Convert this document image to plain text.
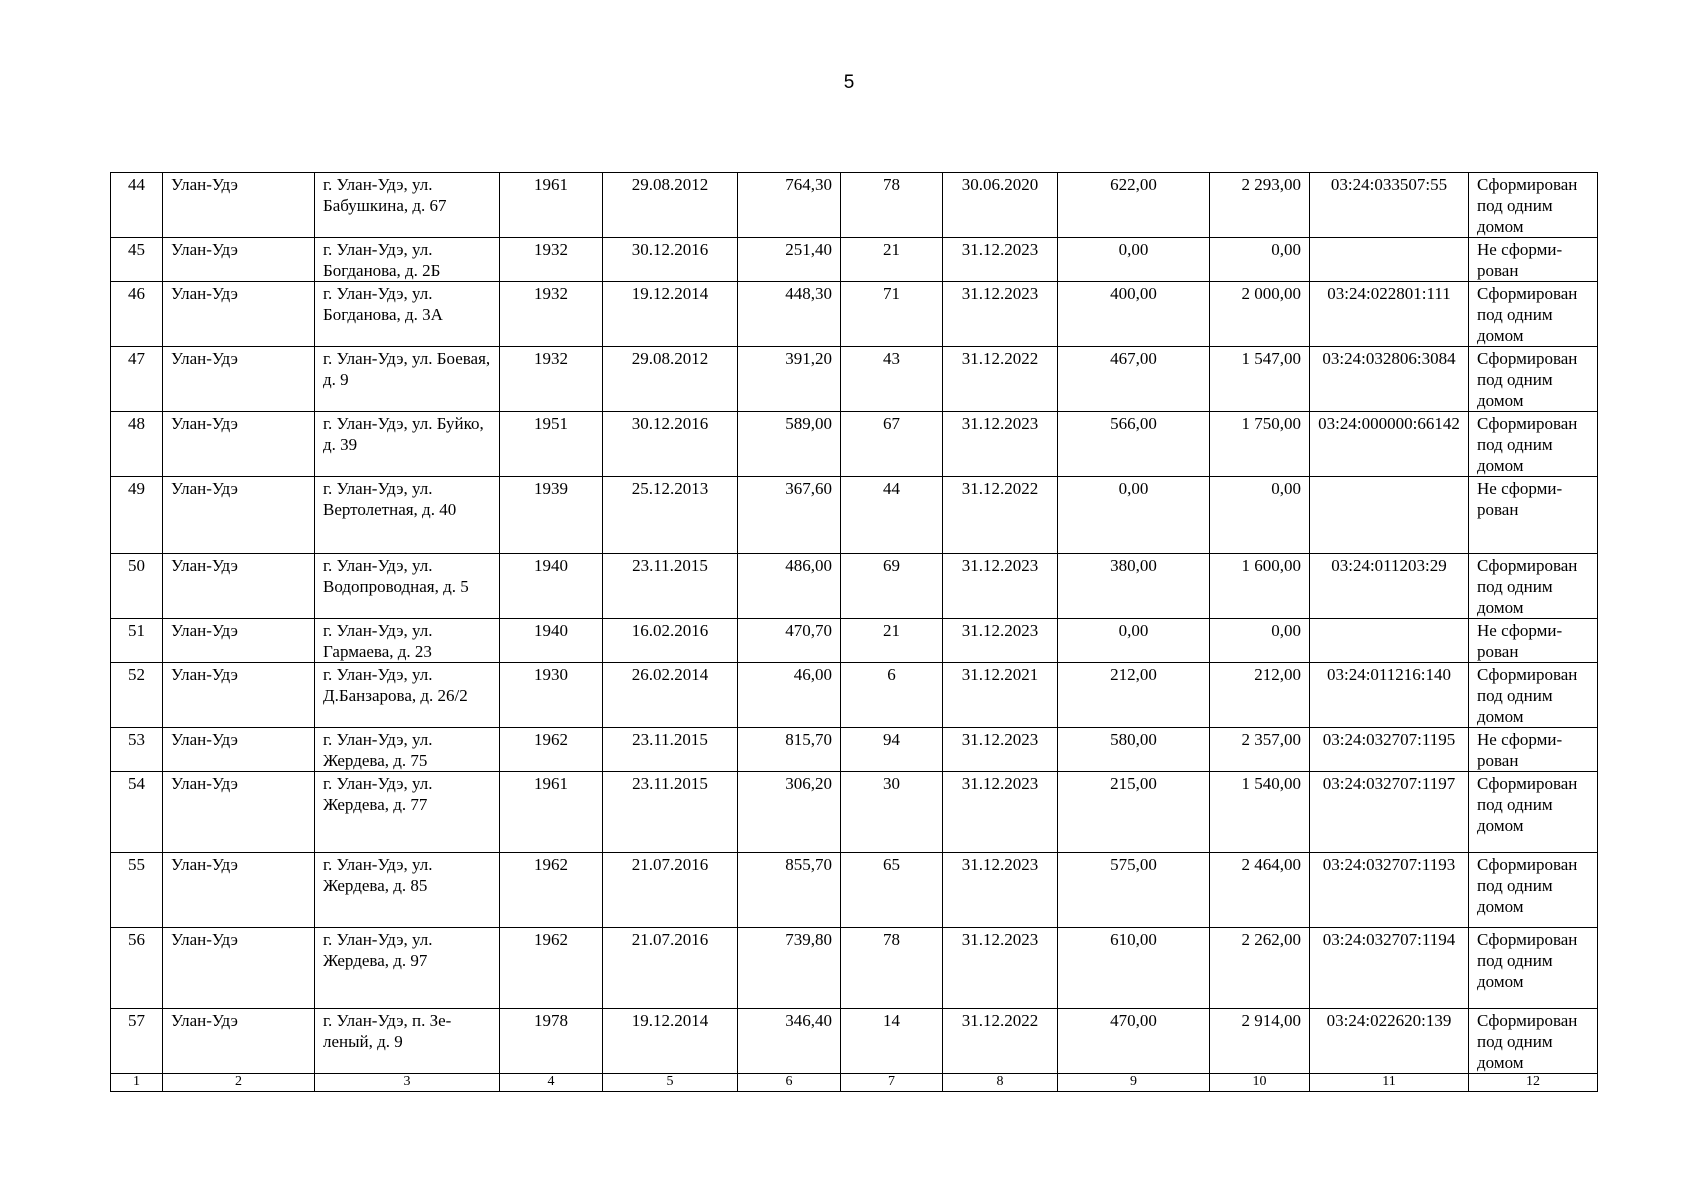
5
44	Улан-Удэ	г. Улан-Удэ, ул. Бабушкина, д. 67	1961	29.08.2012	764,30	78	30.06.2020	622,00	2 293,00	03:24:033507:55	Сформирован под одним домом
45	Улан-Удэ	г. Улан-Удэ, ул. Богданова, д. 2Б	1932	30.12.2016	251,40	21	31.12.2023	0,00	0,00		Не сформи-рован
46	Улан-Удэ	г. Улан-Удэ, ул. Богданова, д. 3А	1932	19.12.2014	448,30	71	31.12.2023	400,00	2 000,00	03:24:022801:111	Сформирован под одним домом
47	Улан-Удэ	г. Улан-Удэ, ул. Боевая, д. 9	1932	29.08.2012	391,20	43	31.12.2022	467,00	1 547,00	03:24:032806:3084	Сформирован под одним домом
48	Улан-Удэ	г. Улан-Удэ, ул. Буйко, д. 39	1951	30.12.2016	589,00	67	31.12.2023	566,00	1 750,00	03:24:000000:66142	Сформирован под одним домом
49	Улан-Удэ	г. Улан-Удэ, ул. Вертолетная, д. 40	1939	25.12.2013	367,60	44	31.12.2022	0,00	0,00		Не сформи-рован
50	Улан-Удэ	г. Улан-Удэ, ул. Водопроводная, д. 5	1940	23.11.2015	486,00	69	31.12.2023	380,00	1 600,00	03:24:011203:29	Сформирован под одним домом
51	Улан-Удэ	г. Улан-Удэ, ул. Гармаева, д. 23	1940	16.02.2016	470,70	21	31.12.2023	0,00	0,00		Не сформи-рован
52	Улан-Удэ	г. Улан-Удэ, ул. Д.Банзарова, д. 26/2	1930	26.02.2014	46,00	6	31.12.2021	212,00	212,00	03:24:011216:140	Сформирован под одним домом
53	Улан-Удэ	г. Улан-Удэ, ул. Жердева, д. 75	1962	23.11.2015	815,70	94	31.12.2023	580,00	2 357,00	03:24:032707:1195	Не сформи-рован
54	Улан-Удэ	г. Улан-Удэ, ул. Жердева, д. 77	1961	23.11.2015	306,20	30	31.12.2023	215,00	1 540,00	03:24:032707:1197	Сформирован под одним домом
55	Улан-Удэ	г. Улан-Удэ, ул. Жердева, д. 85	1962	21.07.2016	855,70	65	31.12.2023	575,00	2 464,00	03:24:032707:1193	Сформирован под одним домом
56	Улан-Удэ	г. Улан-Удэ, ул. Жердева, д. 97	1962	21.07.2016	739,80	78	31.12.2023	610,00	2 262,00	03:24:032707:1194	Сформирован под одним домом
57	Улан-Удэ	г. Улан-Удэ, п. Зе-леный, д. 9	1978	19.12.2014	346,40	14	31.12.2022	470,00	2 914,00	03:24:022620:139	Сформирован под одним домом
1	2	3	4	5	6	7	8	9	10	11	12
